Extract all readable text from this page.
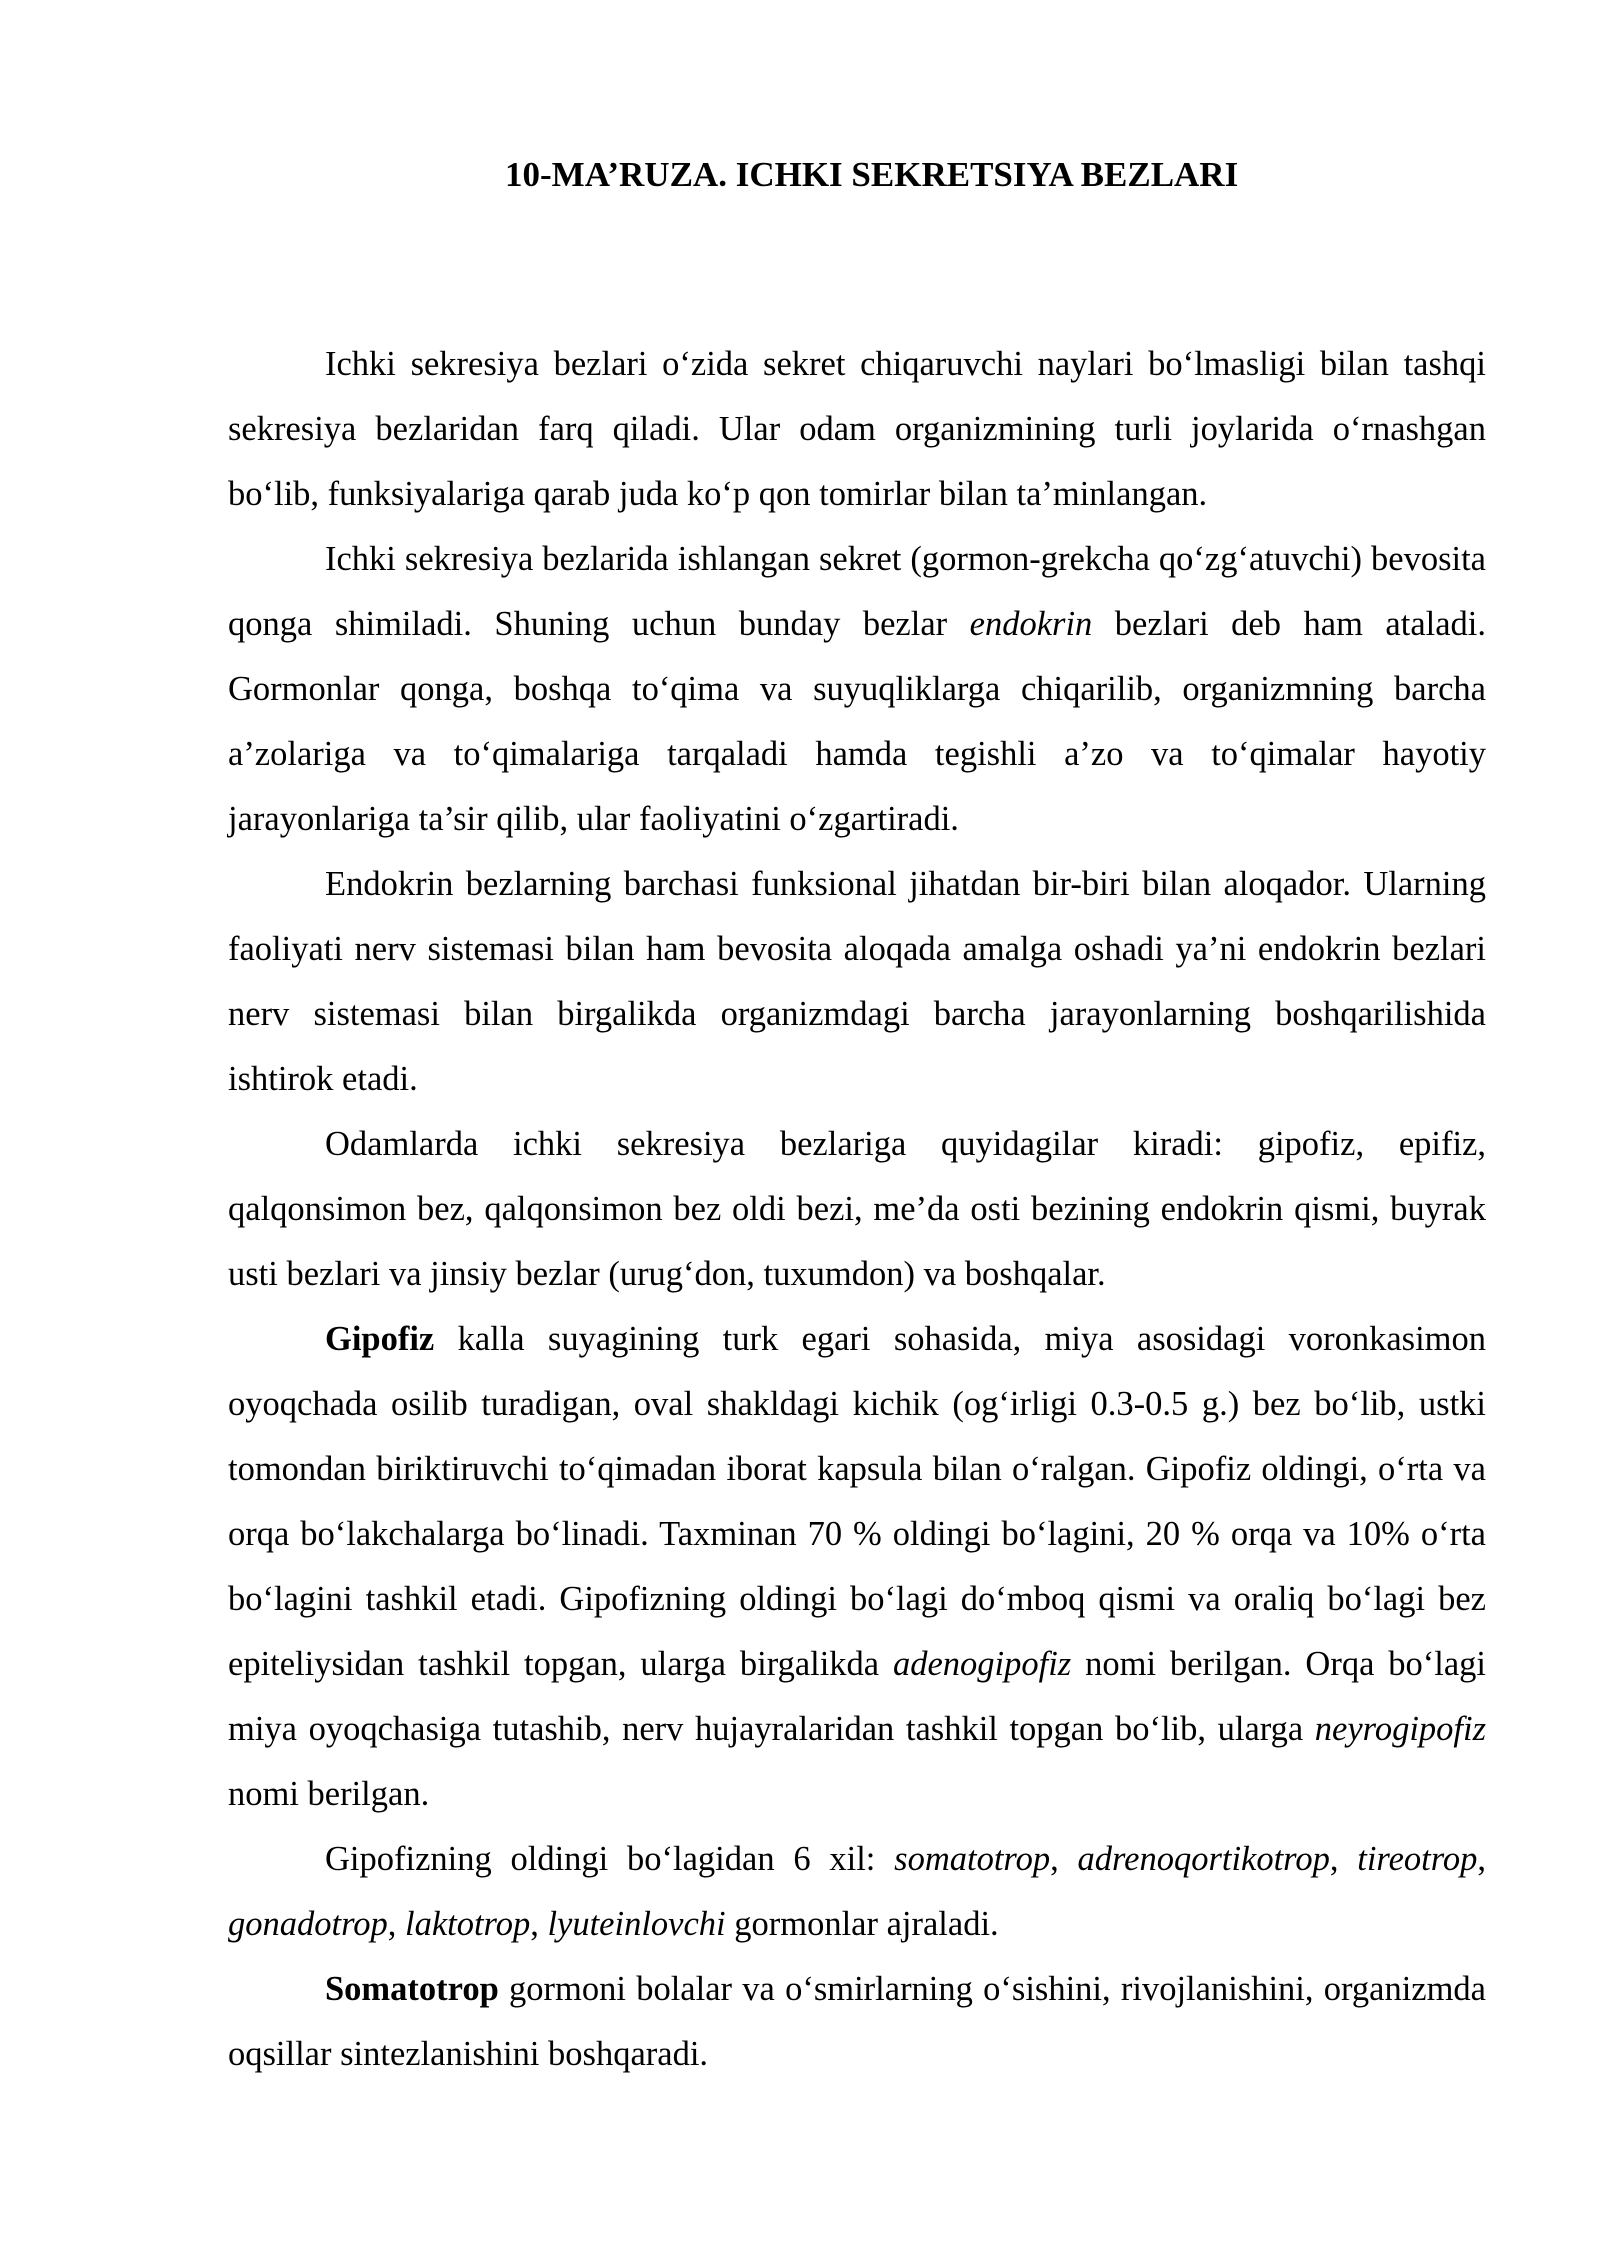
10-MA’RUZA. ICHKI SEKRETSIYA BEZLARI

Ichki sekresiya bezlari o‘zida sekret chiqaruvchi naylari bo‘lmasligi bilan tashqi sekresiya bezlaridan farq qiladi. Ular odam organizmining turli joylarida o‘rnashgan bo‘lib, funksiyalariga qarab juda ko‘p qon tomirlar bilan ta’minlangan.

Ichki sekresiya bezlarida ishlangan sekret (gormon-grekcha qo‘zg‘atuvchi) bevosita qonga shimiladi. Shuning uchun bunday bezlar endokrin bezlari deb ham ataladi. Gormonlar qonga, boshqa to‘qima va suyuqliklarga chiqarilib, organizmning barcha a’zolariga va to‘qimalariga tarqaladi hamda tegishli a’zo va to‘qimalar hayotiy jarayonlariga ta’sir qilib, ular faoliyatini o‘zgartiradi.

Endokrin bezlarning barchasi funksional jihatdan bir-biri bilan aloqador. Ularning faoliyati nerv sistemasi bilan ham bevosita aloqada amalga oshadi ya’ni endokrin bezlari nerv sistemasi bilan birgalikda organizmdagi barcha jarayonlarning boshqarilishida ishtirok etadi.

Odamlarda ichki sekresiya bezlariga quyidagilar kiradi: gipofiz, epifiz, qalqonsimon bez, qalqonsimon bez oldi bezi, me’da osti bezining endokrin qismi, buyrak usti bezlari va jinsiy bezlar (urug‘don, tuxumdon) va boshqalar.

Gipofiz kalla suyagining turk egari sohasida, miya asosidagi voronkasimon oyoqchada osilib turadigan, oval shakldagi kichik (og‘irligi 0.3-0.5 g.) bez bo‘lib, ustki tomondan biriktiruvchi to‘qimadan iborat kapsula bilan o‘ralgan. Gipofiz oldingi, o‘rta va orqa bo‘lakchalarga bo‘linadi. Taxminan 70 % oldingi bo‘lagini, 20 % orqa va 10% o‘rta bo‘lagini tashkil etadi. Gipofizning oldingi bo‘lagi do‘mboq qismi va oraliq bo‘lagi bez epiteliysidan tashkil topgan, ularga birgalikda adenogipofiz nomi berilgan. Orqa bo‘lagi miya oyoqchasiga tutashib, nerv hujayralaridan tashkil topgan bo‘lib, ularga neyrogipofiz nomi berilgan.

Gipofizning oldingi bo‘lagidan 6 xil: somatotrop, adrenoqortikotrop, tireotrop, gonadotrop, laktotrop, lyuteinlovchi gormonlar ajraladi.

Somatotrop gormoni bolalar va o‘smirlarning o‘sishini, rivojlanishini, organizmda oqsillar sintezlanishini boshqaradi.
